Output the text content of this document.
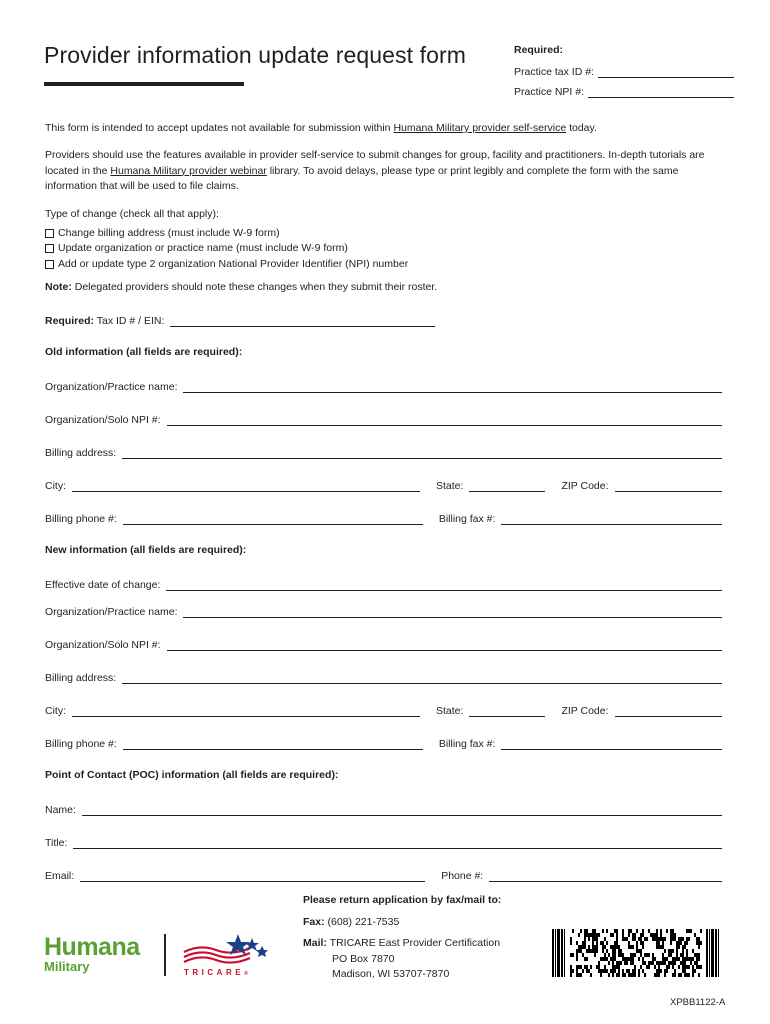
Provider information update request form	Required:
Practice tax ID #:
Practice NPI #:
This form is intended to accept updates not available for submission within Humana Military provider self-service today.
Providers should use the features available in provider self-service to submit changes for group, facility and practitioners. In-depth tutorials are located in the Humana Military provider webinar library. To avoid delays, please type or print legibly and complete the form with the same information that will be used to file claims.
Type of change (check all that apply):
Change billing address (must include W-9 form)
Update organization or practice name (must include W-9 form)
Add or update type 2 organization National Provider Identifier (NPI) number
Note: Delegated providers should note these changes when they submit their roster.
Required: Tax ID # / EIN:
Old information (all fields are required):
Organization/Practice name:
Organization/Solo NPI #:
Billing address:
City:	State:	ZIP Code:
Billing phone #:	Billing fax #:
New information (all fields are required):
Effective date of change:
Organization/Practice name:
Organization/Solo NPI #:
Billing address:
City:	State:	ZIP Code:
Billing phone #:	Billing fax #:
Point of Contact (POC) information (all fields are required):
Name:
Title:
Email:	Phone #:
Please return application by fax/mail to:
Fax: (608) 221-7535
Mail: TRICARE East Provider Certification
PO Box 7870
Madison, WI 53707-7870
Humana
Military	TRICARE®
XPBB1122-A
